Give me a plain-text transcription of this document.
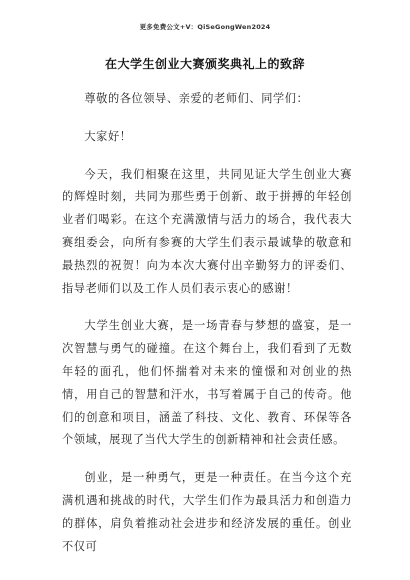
更多免费公文+V：QiSeGongWen2024
在大学生创业大赛颁奖典礼上的致辞

尊敬的各位领导、亲爱的老师们、同学们：

大家好！

今天，我们相聚在这里，共同见证大学生创业大赛的辉煌时刻，共同为那些勇于创新、敢于拼搏的年轻创业者们喝彩。在这个充满激情与活力的场合，我代表大赛组委会，向所有参赛的大学生们表示最诚挚的敬意和最热烈的祝贺！向为本次大赛付出辛勤努力的评委们、指导老师们以及工作人员们表示衷心的感谢！

大学生创业大赛，是一场青春与梦想的盛宴，是一次智慧与勇气的碰撞。在这个舞台上，我们看到了无数年轻的面孔，他们怀揣着对未来的憧憬和对创业的热情，用自己的智慧和汗水，书写着属于自己的传奇。他们的创意和项目，涵盖了科技、文化、教育、环保等各个领域，展现了当代大学生的创新精神和社会责任感。

创业，是一种勇气，更是一种责任。在当今这个充满机遇和挑战的时代，大学生们作为最具活力和创造力的群体，肩负着推动社会进步和经济发展的重任。创业不仅可
